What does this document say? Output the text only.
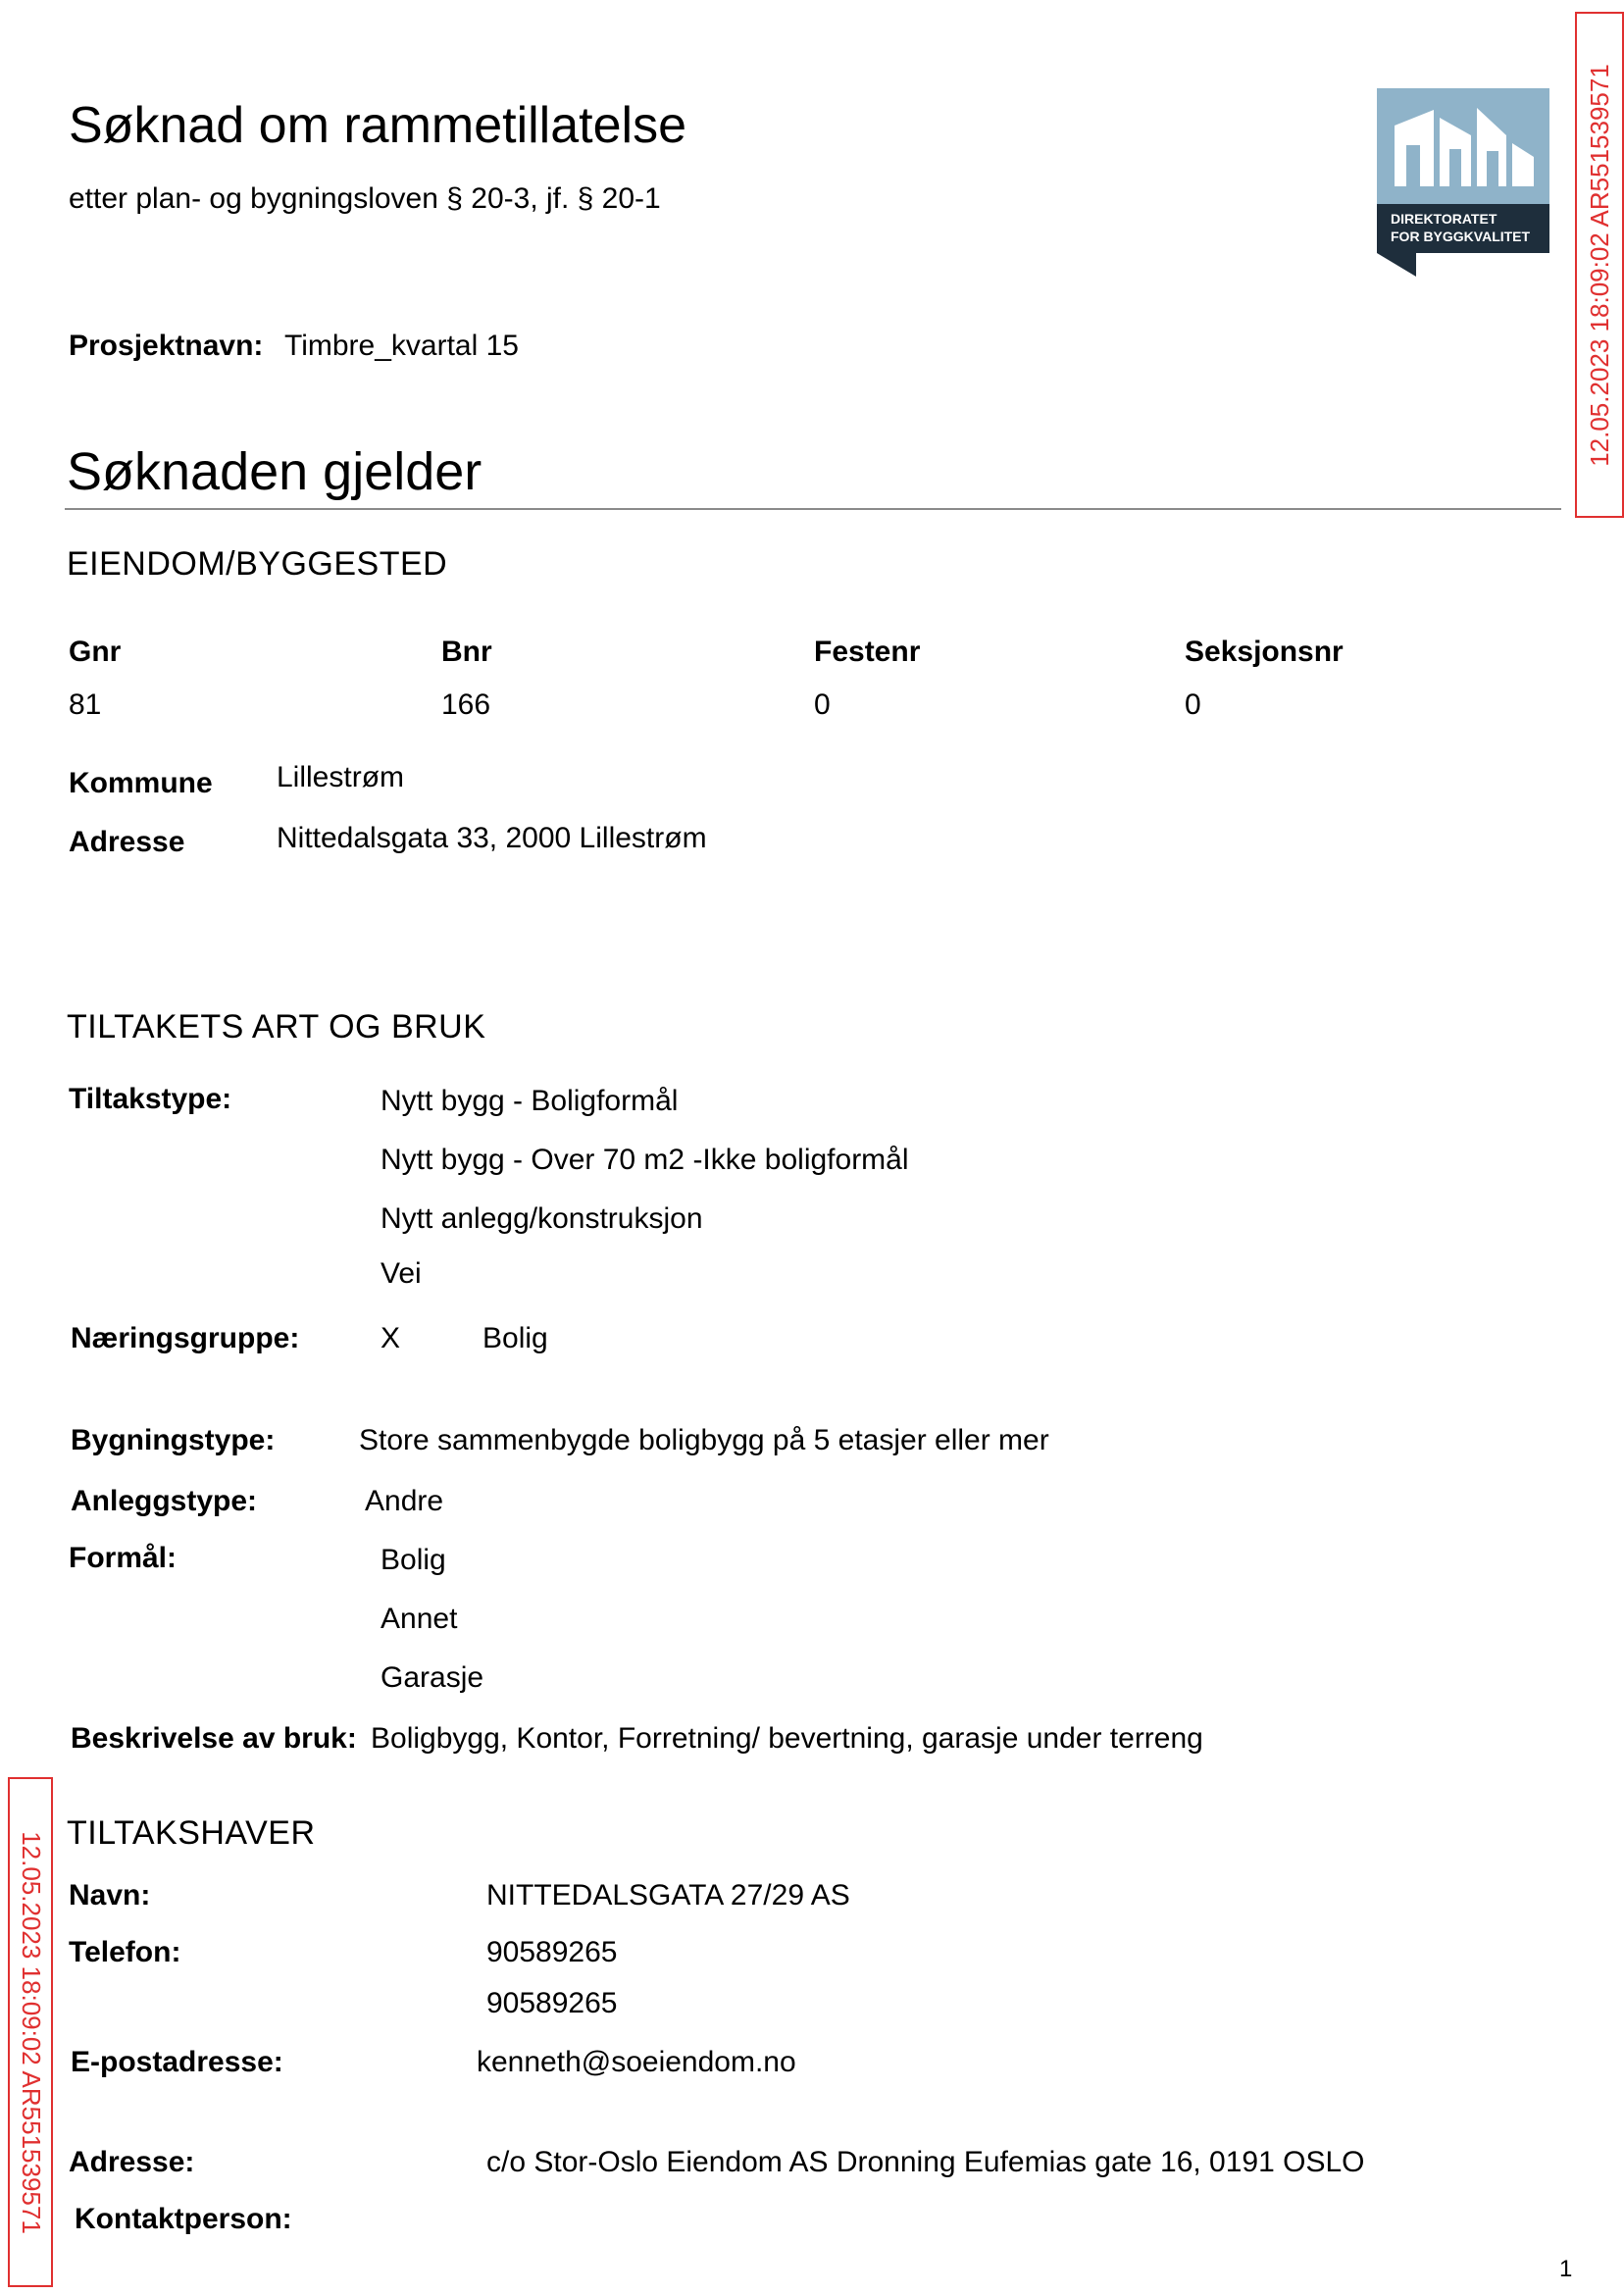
Søknad om rammetillatelse
etter plan- og bygningsloven § 20-3, jf. § 20-1
Prosjektnavn: Timbre_kvartal 15
DIREKTORATET
FOR BYGGKVALITET 12.05.2023 18:09:02 AR551539571
12.05.2023 18:09:02 AR551539571
Søknaden gjelder
EIENDOM/BYGGESTED
Gnr	Bnr	Festenr	Seksjonsnr
81	166	0	0
Kommune Lillestrøm
Adresse	Nittedalsgata 33, 2000 Lillestrøm
TILTAKETS ART OG BRUK
Tiltakstype:	Nytt bygg - Boligformål
Nytt bygg - Over 70 m2 -Ikke boligformål
Nytt anlegg/konstruksjon
Vei
Næringsgruppe:	X	Bolig
Bygningstype:	Store sammenbygde boligbygg på 5 etasjer eller mer
Anleggstype:	Andre
Formål:	Bolig
Annet
Garasje
Beskrivelse av bruk: Boligbygg, Kontor, Forretning/ bevertning, garasje under terreng
TILTAKSHAVER
Navn:	NITTEDALSGATA 27/29 AS
Telefon:	90589265
90589265
E-postadresse:	kenneth@soeiendom.no
Adresse:	c/o Stor-Oslo Eiendom AS Dronning Eufemias gate 16, 0191 OSLO
Kontaktperson:
1
